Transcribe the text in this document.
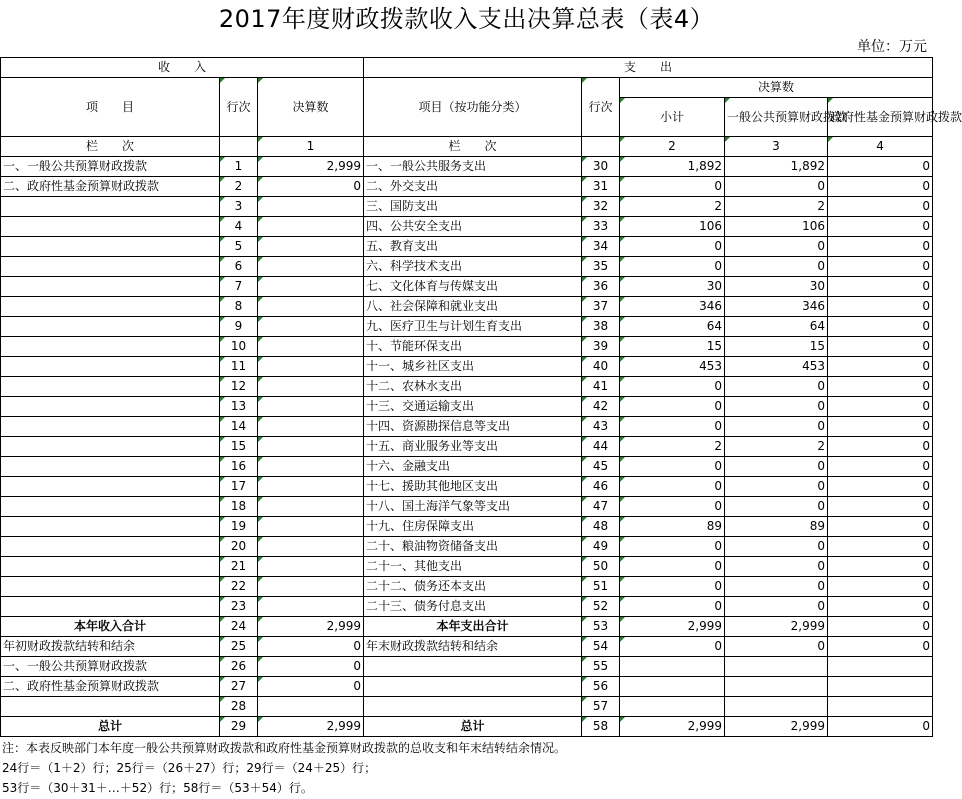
2017年度财政拨款收入支出决算总表（表4）
单位：万元
收　　入			支　　出				
项　　目	行次	决算数	项目（按功能分类）	行次	决算数		
					小计	一般公共预算财政拨款	政府性基金预算财政拨款
栏　　次		1	栏　　次		2	3	4
一、一般公共预算财政拨款	1	2,999	一、一般公共服务支出	30	1,892	1,892	0
二、政府性基金预算财政拨款	2	0	二、外交支出	31	0	0	0
	3		三、国防支出	32	2	2	0
	4		四、公共安全支出	33	106	106	0
	5		五、教育支出	34	0	0	0
	6		六、科学技术支出	35	0	0	0
	7		七、文化体育与传媒支出	36	30	30	0
	8		八、社会保障和就业支出	37	346	346	0
	9		九、医疗卫生与计划生育支出	38	64	64	0
	10		十、节能环保支出	39	15	15	0
	11		十一、城乡社区支出	40	453	453	0
	12		十二、农林水支出	41	0	0	0
	13		十三、交通运输支出	42	0	0	0
	14		十四、资源勘探信息等支出	43	0	0	0
	15		十五、商业服务业等支出	44	2	2	0
	16		十六、金融支出	45	0	0	0
	17		十七、援助其他地区支出	46	0	0	0
	18		十八、国土海洋气象等支出	47	0	0	0
	19		十九、住房保障支出	48	89	89	0
	20		二十、粮油物资储备支出	49	0	0	0
	21		二十一、其他支出	50	0	0	0
	22		二十二、债务还本支出	51	0	0	0
	23		二十三、债务付息支出	52	0	0	0
本年收入合计	24	2,999	本年支出合计	53	2,999	2,999	0
年初财政拨款结转和结余	25	0	年末财政拨款结转和结余	54	0	0	0
一、一般公共预算财政拨款	26	0		55			
二、政府性基金预算财政拨款	27	0		56			
	28			57			
总计	29	2,999	总计	58	2,999	2,999	0
注：本表反映部门本年度一般公共预算财政拨款和政府性基金预算财政拨款的总收支和年末结转结余情况。
24行＝（1＋2）行；25行＝（26＋27）行；29行＝（24＋25）行；
53行＝（30＋31＋…＋52）行；58行＝（53＋54）行。
